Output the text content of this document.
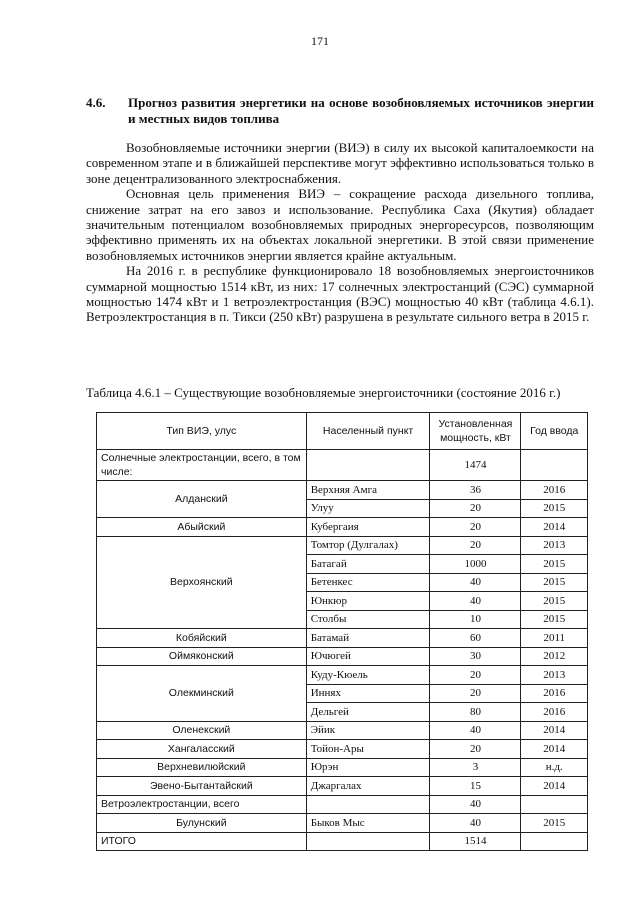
171
4.6.	Прогноз развития энергетики на основе возобновляемых источников энергии и местных видов топлива

Возобновляемые источники энергии (ВИЭ) в силу их высокой капиталоемкости на современном этапе и в ближайшей перспективе могут эффективно использоваться только в зоне децентрализованного электроснабжения.

Основная цель применения ВИЭ – сокращение расхода дизельного топлива, снижение затрат на его завоз и использование. Республика Саха (Якутия) обладает значительным потенциалом возобновляемых природных энергоресурсов, позволяющим эффективно применять их на объектах локальной энергетики. В этой связи применение возобновляемых источников энергии является крайне актуальным.

На 2016 г. в республике функционировало 18 возобновляемых энергоисточников суммарной мощностью 1514 кВт, из них: 17 солнечных электростанций (СЭС) суммарной мощностью 1474 кВт и 1 ветроэлектростанция (ВЭС) мощностью 40 кВт (таблица 4.6.1). Ветроэлектростанция в п. Тикси (250 кВт) разрушена в результате сильного ветра в 2015 г.

Таблица 4.6.1 – Существующие возобновляемые энергоисточники (состояние 2016 г.)
Тип ВИЭ, улус	Населенный пункт	Установленная мощность, кВт	Год ввода
Солнечные электростанции, всего, в том числе:		1474	
Алданский	Верхняя Амга	36	2016
	Улуу	20	2015
Абыйский	Кубергаия	20	2014
Верхоянский	Томтор (Дулгалах)	20	2013
	Батагай	1000	2015
	Бетенкес	40	2015
	Юнкюр	40	2015
	Столбы	10	2015
Кобяйский	Батамай	60	2011
Оймяконский	Ючюгей	30	2012
Олекминский	Куду-Кюель	20	2013
	Иннях	20	2016
	Дельгей	80	2016
Оленекский	Эйик	40	2014
Хангаласский	Тойон-Ары	20	2014
Верхневилюйский	Юрэн	3	н.д.
Эвено-Бытантайский	Джаргалах	15	2014
Ветроэлектростанции, всего		40	
Булунский	Быков Мыс	40	2015
ИТОГО		1514	
